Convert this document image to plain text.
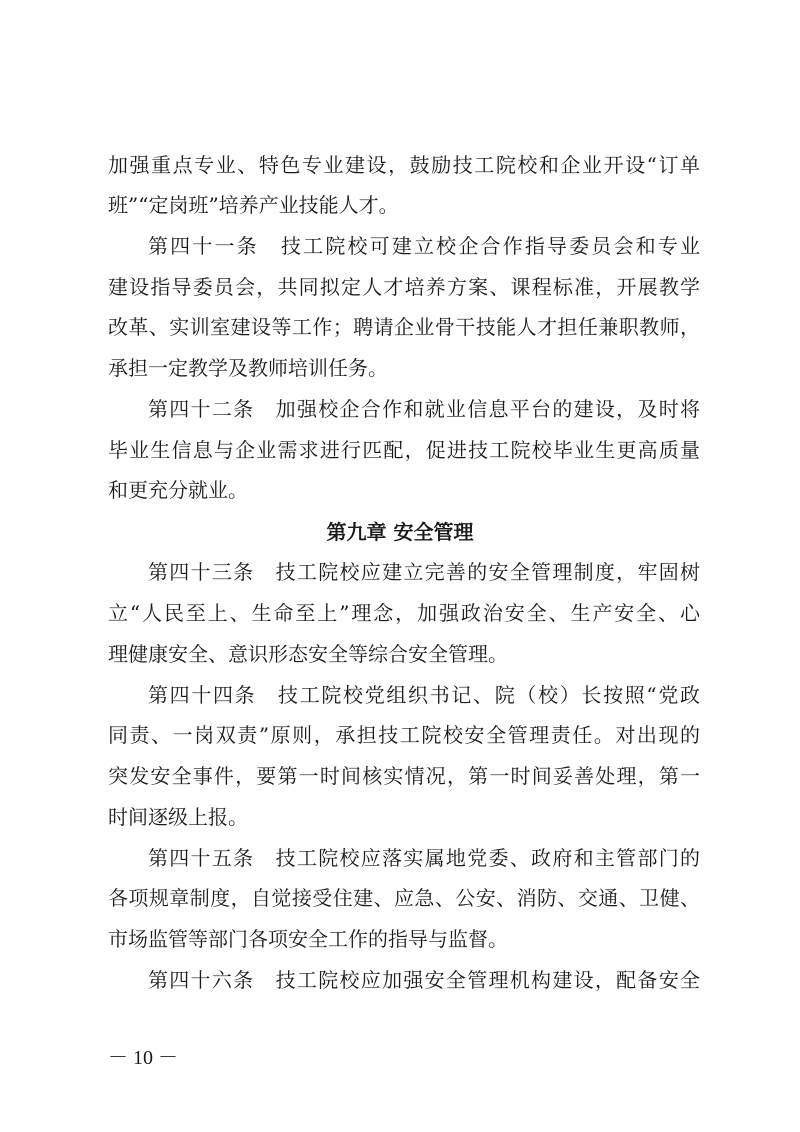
加强重点专业、特色专业建设，鼓励技工院校和企业开设“订单
班”“定岗班”培养产业技能人才。
第四十一条　技工院校可建立校企合作指导委员会和专业
建设指导委员会，共同拟定人才培养方案、课程标准，开展教学
改革、实训室建设等工作；聘请企业骨干技能人才担任兼职教师，
承担一定教学及教师培训任务。
第四十二条　加强校企合作和就业信息平台的建设，及时将
毕业生信息与企业需求进行匹配，促进技工院校毕业生更高质量
和更充分就业。
第九章 安全管理
第四十三条　技工院校应建立完善的安全管理制度，牢固树
立“人民至上、生命至上”理念，加强政治安全、生产安全、心
理健康安全、意识形态安全等综合安全管理。
第四十四条　技工院校党组织书记、院（校）长按照“党政
同责、一岗双责”原则，承担技工院校安全管理责任。对出现的
突发安全事件，要第一时间核实情况，第一时间妥善处理，第一
时间逐级上报。
第四十五条　技工院校应落实属地党委、政府和主管部门的
各项规章制度，自觉接受住建、应急、公安、消防、交通、卫健、
市场监管等部门各项安全工作的指导与监督。
第四十六条　技工院校应加强安全管理机构建设，配备安全
－ 10 －
